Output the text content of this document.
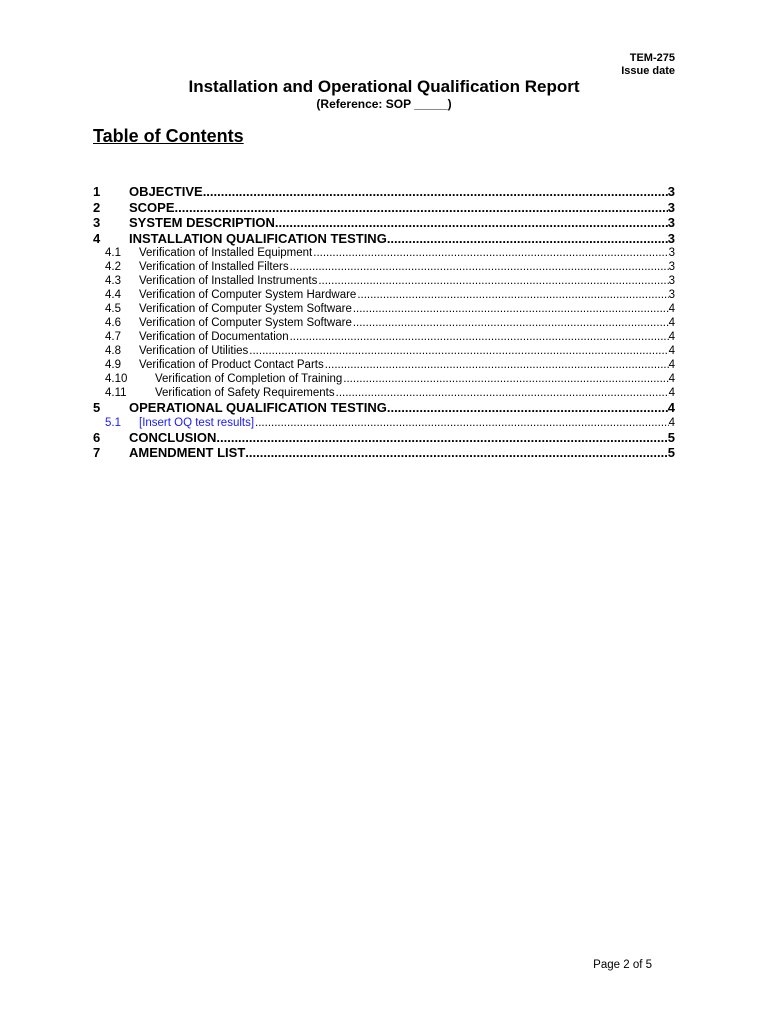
TEM-275
Issue date
Installation and Operational Qualification Report
(Reference: SOP _____)
Table of Contents
1	OBJECTIVE .....	3
2	SCOPE .....	3
3	SYSTEM DESCRIPTION .....	3
4	INSTALLATION QUALIFICATION TESTING .....	3
4.1	Verification of Installed Equipment .....	3
4.2	Verification of Installed Filters .....	3
4.3	Verification of Installed Instruments .....	3
4.4	Verification of Computer System Hardware .....	3
4.5	Verification of Computer System Software .....	4
4.6	Verification of Computer System Software .....	4
4.7	Verification of Documentation .....	4
4.8	Verification of Utilities .....	4
4.9	Verification of Product Contact Parts .....	4
4.10	Verification of Completion of Training .....	4
4.11	Verification of Safety Requirements .....	4
5	OPERATIONAL QUALIFICATION TESTING .....	4
5.1	[Insert OQ test results] .....	4
6	CONCLUSION .....	5
7	AMENDMENT LIST .....	5
Page 2 of 5
